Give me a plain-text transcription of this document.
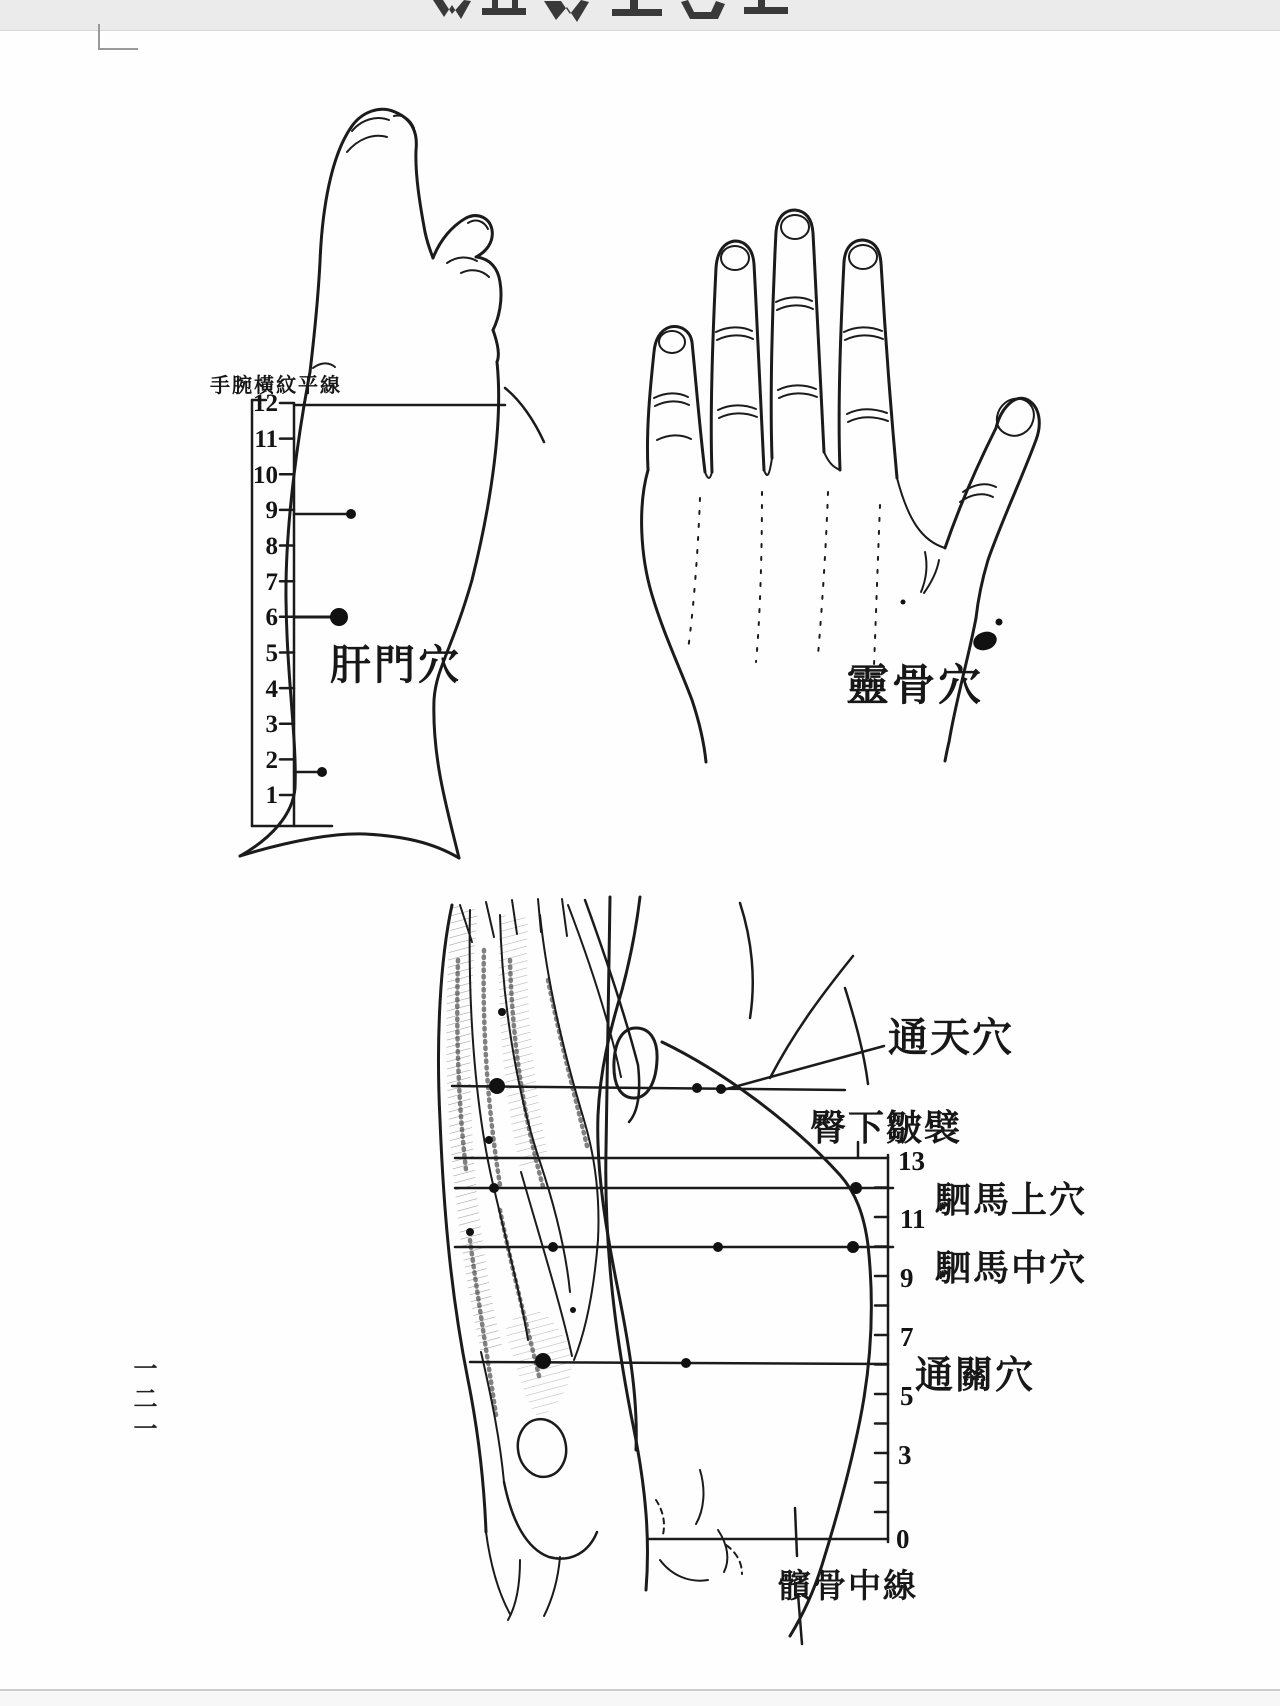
12
11
10
9
8
7
6
5
4
3
2
1
手腕橫紋平線
肝門穴	靈骨穴
13
11
9
7
5
3
0
通天穴
臀下皺襞
駟馬上穴
駟馬中穴
通關穴
髕骨中線
一二一
